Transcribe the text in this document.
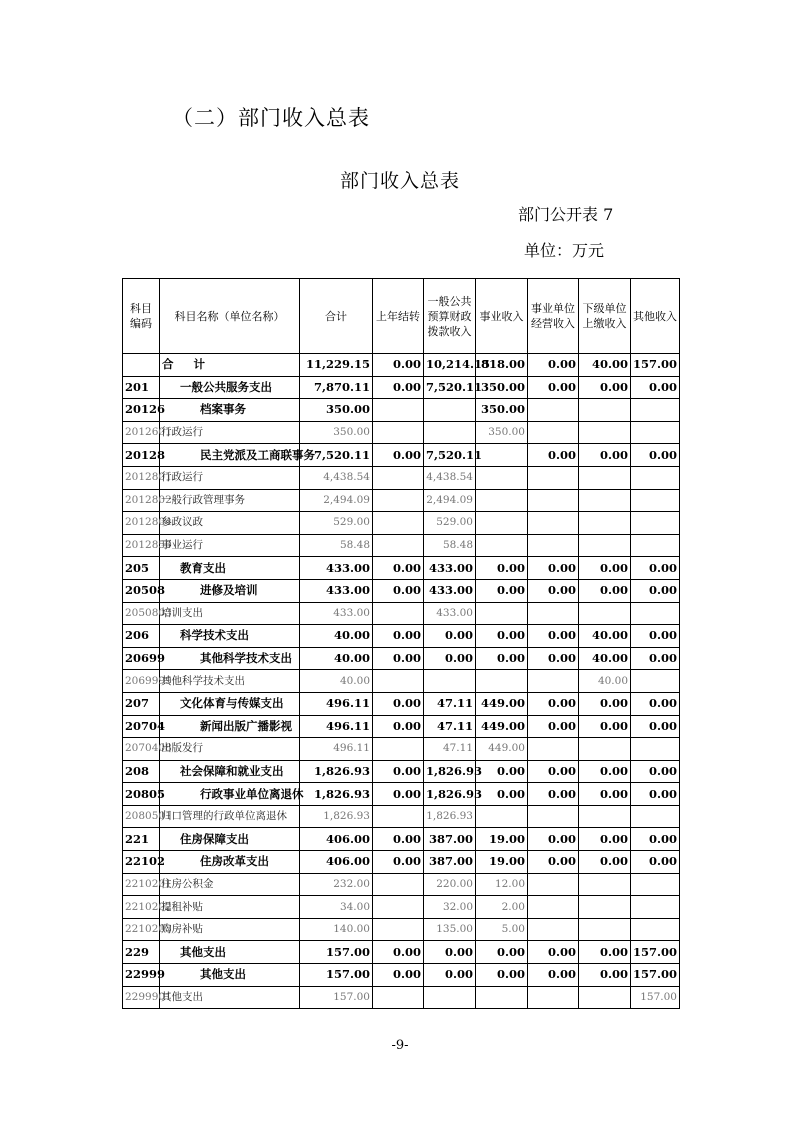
（二）部门收入总表
部门收入总表
部门公开表 7
单位：万元
科目编码	科目名称（单位名称）	合计	上年结转	一般公共预算财政拨款收入	事业收入	事业单位经营收入	下级单位上缴收入	其他收入
	合 计	11,229.15	0.00	10,214.15	818.00	0.00	40.00	157.00
201	一般公共服务支出	7,870.11	0.00	7,520.11	350.00	0.00	0.00	0.00
20126	档案事务	350.00			350.00			
2012601	行政运行	350.00			350.00			
20128	民主党派及工商联事务	7,520.11	0.00	7,520.11		0.00	0.00	0.00
2012801	行政运行	4,438.54		4,438.54				
2012802	一般行政管理事务	2,494.09		2,494.09				
2012804	参政议政	529.00		529.00				
2012850	事业运行	58.48		58.48				
205	教育支出	433.00	0.00	433.00	0.00	0.00	0.00	0.00
20508	进修及培训	433.00	0.00	433.00	0.00	0.00	0.00	0.00
2050803	培训支出	433.00		433.00				
206	科学技术支出	40.00	0.00	0.00	0.00	0.00	40.00	0.00
20699	其他科学技术支出	40.00	0.00	0.00	0.00	0.00	40.00	0.00
2069999	其他科学技术支出	40.00					40.00	
207	文化体育与传媒支出	496.11	0.00	47.11	449.00	0.00	0.00	0.00
20704	新闻出版广播影视	496.11	0.00	47.11	449.00	0.00	0.00	0.00
2070408	出版发行	496.11		47.11	449.00			
208	社会保障和就业支出	1,826.93	0.00	1,826.93	0.00	0.00	0.00	0.00
20805	行政事业单位离退休	1,826.93	0.00	1,826.93	0.00	0.00	0.00	0.00
2080501	归口管理的行政单位离退休	1,826.93		1,826.93				
221	住房保障支出	406.00	0.00	387.00	19.00	0.00	0.00	0.00
22102	住房改革支出	406.00	0.00	387.00	19.00	0.00	0.00	0.00
2210201	住房公积金	232.00		220.00	12.00			
2210202	提租补贴	34.00		32.00	2.00			
2210203	购房补贴	140.00		135.00	5.00			
229	其他支出	157.00	0.00	0.00	0.00	0.00	0.00	157.00
22999	其他支出	157.00	0.00	0.00	0.00	0.00	0.00	157.00
2299901	其他支出	157.00						157.00
-9-
